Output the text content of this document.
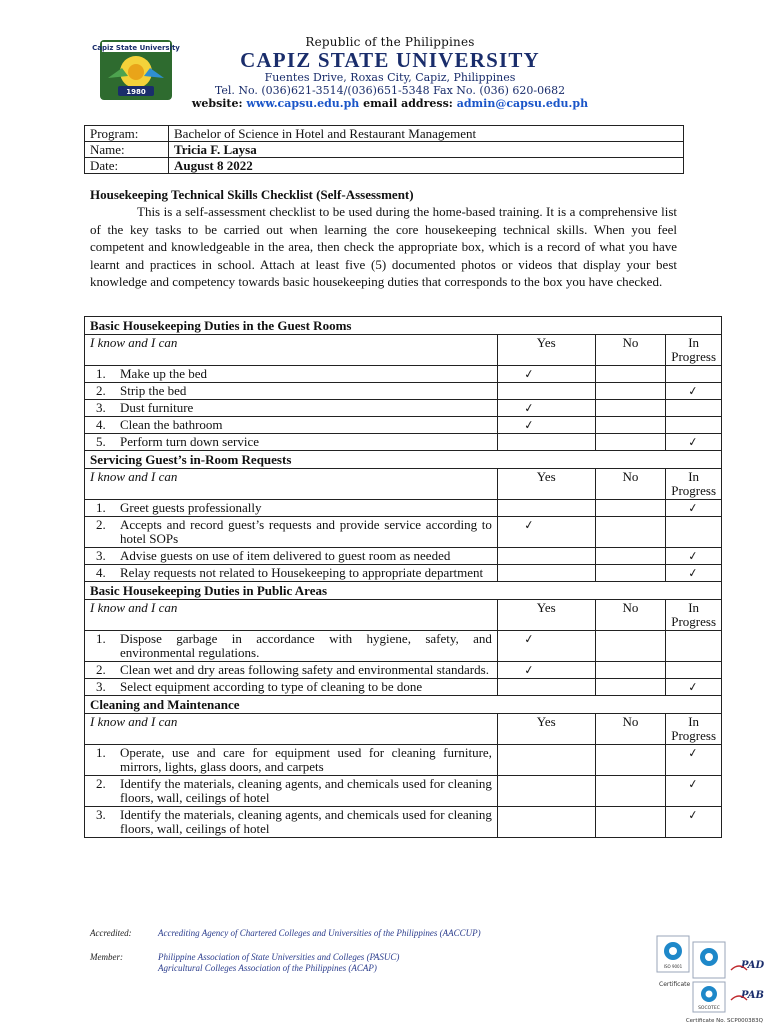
Capiz State University
1980
Republic of the Philippines
CAPIZ STATE UNIVERSITY
Fuentes Drive, Roxas City, Capiz, Philippines
Tel. No. (036)621-3514/(036)651-5348 Fax No. (036) 620-0682
website: www.capsu.edu.ph email address: admin@capsu.edu.ph
Program:	Bachelor of Science in Hotel and Restaurant Management
Name:	Tricia F. Laysa
Date:	August 8 2022
Housekeeping Technical Skills Checklist (Self-Assessment)
This is a self-assessment checklist to be used during the home-based training. It is a comprehensive list of the key tasks to be carried out when learning the core housekeeping technical skills. When you feel competent and knowledgeable in the area, then check the appropriate box, which is a record of what you have learnt and practices in school. Attach at least five (5) documented photos or videos that display your best knowledge and competency towards basic housekeeping duties that corresponds to the box you have checked.
Basic Housekeeping Duties in the Guest Rooms			
I know and I can	Yes	No	In Progress

1. Make up the bed	✓		

2. Strip the bed			✓

3. Dust furniture	✓		

4. Clean the bathroom	✓		

5. Perform turn down service			✓
Servicing Guest’s in-Room Requests			
I know and I can	Yes	No	In Progress

1. Greet guests professionally			✓

2. Accepts and record guest’s requests and provide service according to hotel SOPs	✓		

3. Advise guests on use of item delivered to guest room as needed			✓

4. Relay requests not related to Housekeeping to appropriate department			✓
Basic Housekeeping Duties in Public Areas			
I know and I can	Yes	No	In Progress

1. Dispose garbage in accordance with hygiene, safety, and environmental regulations.	✓		

2. Clean wet and dry areas following safety and environmental standards.	✓		

3. Select equipment according to type of cleaning to be done			✓
Cleaning and Maintenance			
I know and I can	Yes	No	In Progress

1. Operate, use and care for equipment used for cleaning furniture, mirrors, lights, glass doors, and carpets			✓

2. Identify the materials, cleaning agents, and chemicals used for cleaning floors, wall, ceilings of hotel			✓

3. Identify the materials, cleaning agents, and chemicals used for cleaning floors, wall, ceilings of hotel			✓
Accredited:	Accrediting Agency of Chartered Colleges and Universities of the Philippines (AACCUP)
Member:	Philippine Association of State Universities and Colleges (PASUC)
Agricultural Colleges Association of the Philippines (ACAP)	ISO 9001
Certificate
SOCOTEC
PAD
PAB
Certificate No. SCP000383Q
